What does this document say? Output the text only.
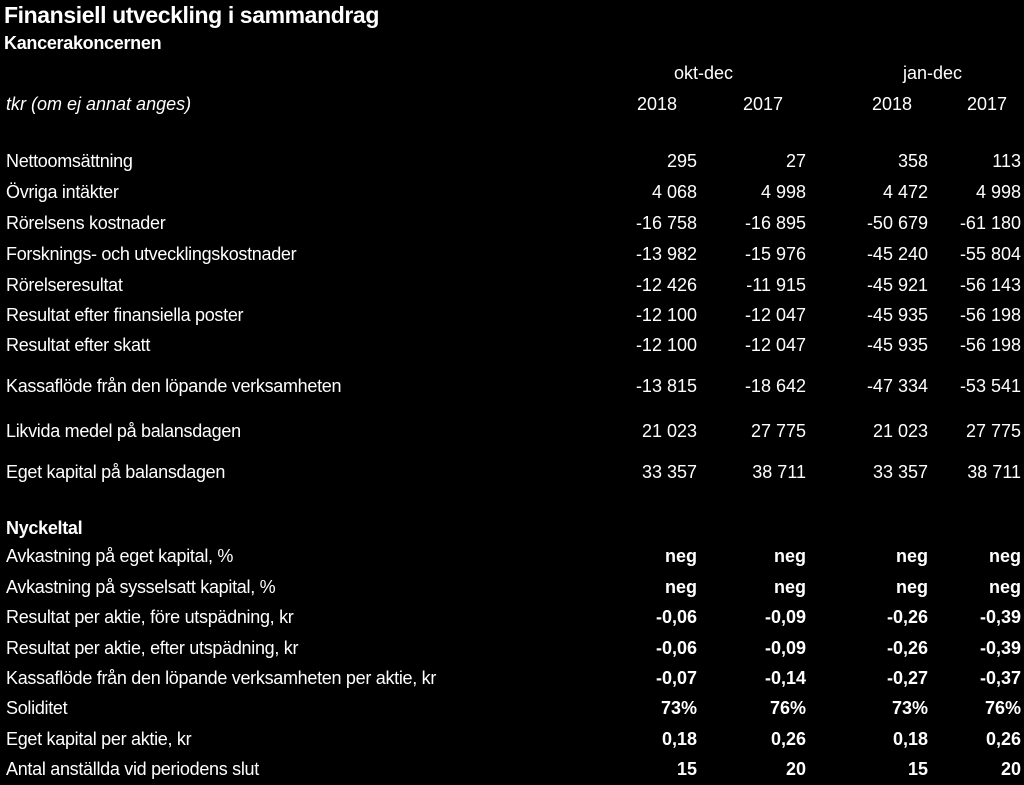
Finansiell utveckling i sammandrag
Kancerakoncernen
okt-dec	jan-dec
tkr (om ej annat anges)	2018	2017	2018	2017
Nettoomsättning	295	27	358	113
Övriga intäkter	4 068	4 998	4 472	4 998
Rörelsens kostnader	-16 758	-16 895	-50 679	-61 180
Forsknings- och utvecklingskostnader	-13 982	-15 976	-45 240	-55 804
Rörelseresultat	-12 426	-11 915	-45 921	-56 143
Resultat efter finansiella poster	-12 100	-12 047	-45 935	-56 198
Resultat efter skatt	-12 100	-12 047	-45 935	-56 198
Kassaflöde från den löpande verksamheten	-13 815	-18 642	-47 334	-53 541
Likvida medel på balansdagen	21 023	27 775	21 023	27 775
Eget kapital på balansdagen	33 357	38 711	33 357	38 711
Nyckeltal
Avkastning på eget kapital, %	neg	neg	neg	neg
Avkastning på sysselsatt kapital, %	neg	neg	neg	neg
Resultat per aktie, före utspädning, kr	-0,06	-0,09	-0,26	-0,39
Resultat per aktie, efter utspädning, kr	-0,06	-0,09	-0,26	-0,39
Kassaflöde från den löpande verksamheten per aktie, kr	-0,07	-0,14	-0,27	-0,37
Soliditet	73%	76%	73%	76%
Eget kapital per aktie, kr	0,18	0,26	0,18	0,26
Antal anställda vid periodens slut	15	20	15	20
